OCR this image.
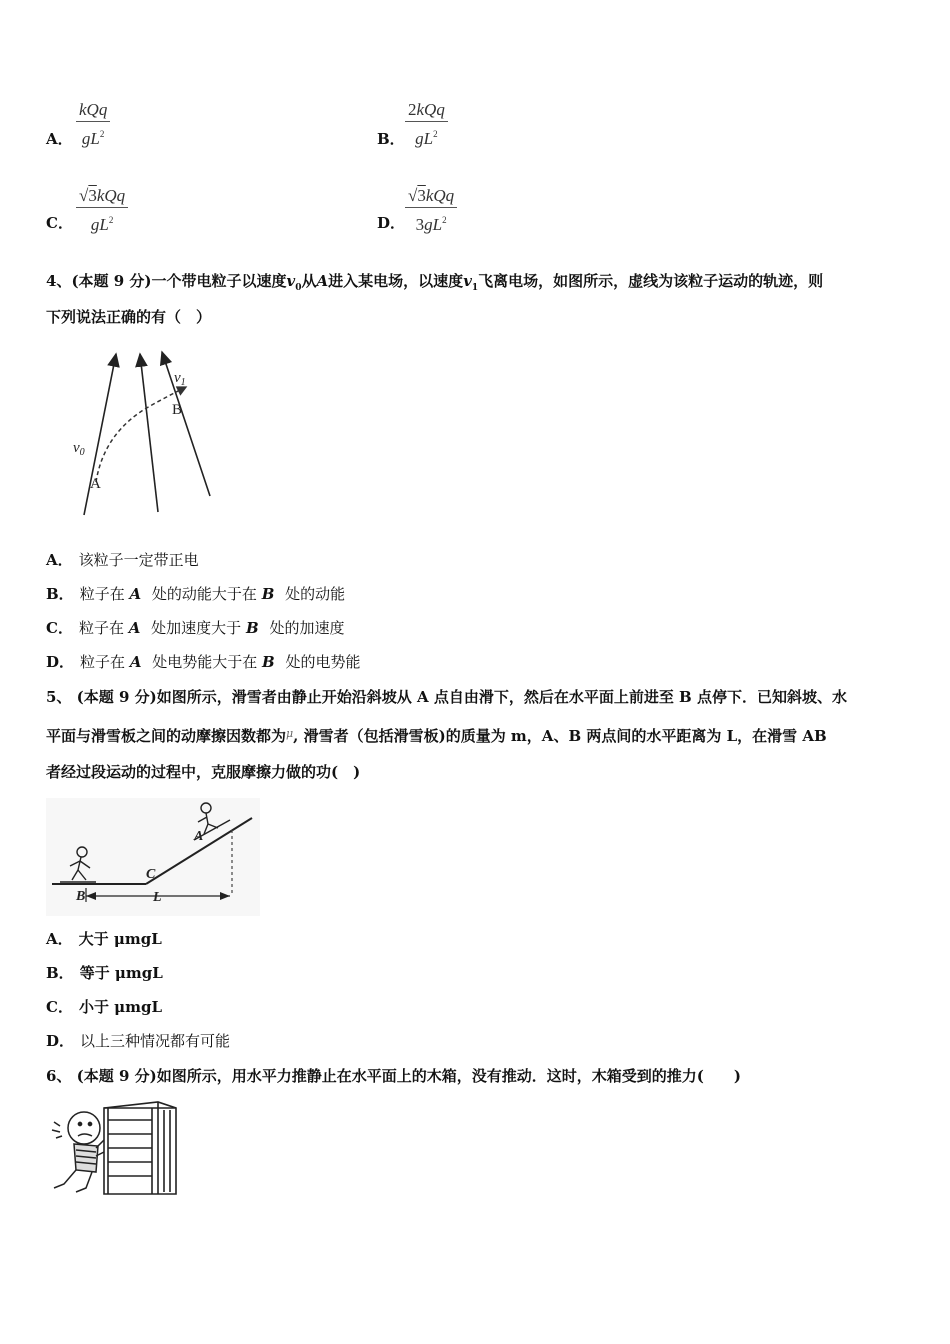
A．
kQq
$gL^2$	B．
2kQq
$gL^2$
C．
√3kQq
$gL^2$	D．
√3kQq
$3gL^2$
4、(本题 9 分)一个带电粒子以速度$v_0$从A进入某电场，以速度$v_1$飞离电场，如图所示，虚线为该粒子运动的轨迹，则
下列说法正确的有（　）
$v_0$
$v_1$
A
B
A． 该粒子一定带正电
B． 粒子在 A 处的动能大于在 B 处的动能
C． 粒子在 A 处加速度大于 B 处的加速度
D． 粒子在 A 处电势能大于在 B 处的电势能
5、 (本题 9 分)如图所示，滑雪者由静止开始沿斜坡从 A 点自由滑下，然后在水平面上前进至 B 点停下．已知斜坡、水
平面与滑雪板之间的动摩擦因数都为$^\mu$, 滑雪者（包括滑雪板)的质量为 m，A、B 两点间的水平距离为 L，在滑雪 AB
者经过段运动的过程中，克服摩擦力做的功(　)
A
B
C
L
A． 大于 μmgL
B． 等于 μmgL
C． 小于 μmgL
D． 以上三种情况都有可能
6、 (本题 9 分)如图所示，用水平力推静止在水平面上的木箱，没有推动．这时，木箱受到的推力(　　)
